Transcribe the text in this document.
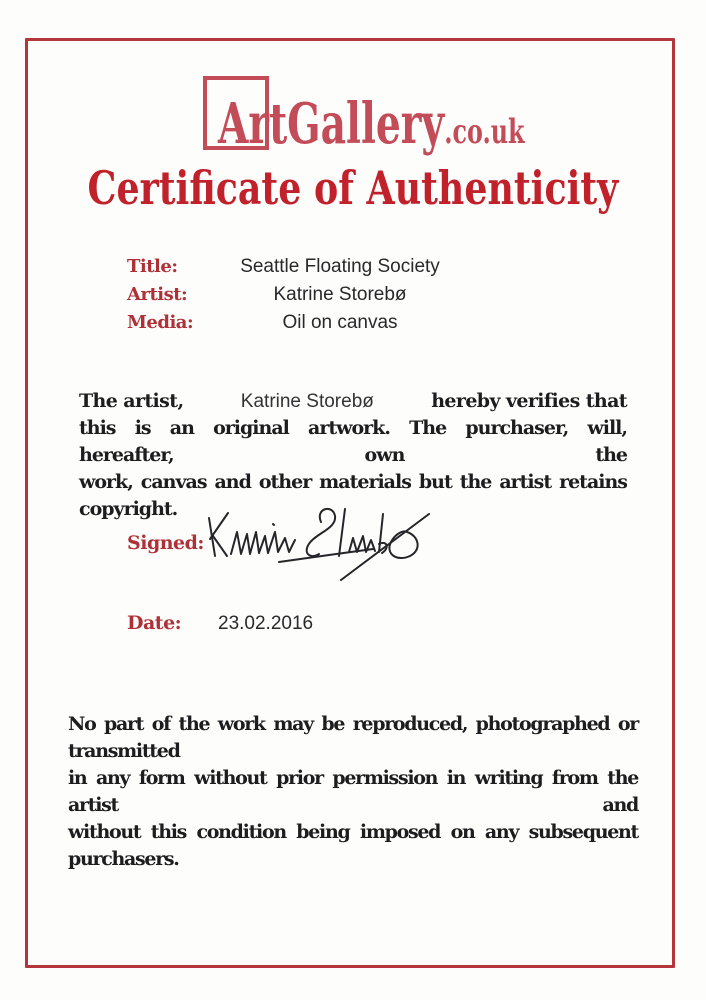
ArtGallery.co.uk
Certificate of Authenticity
Title:	Seattle Floating Society
Artist:	Katrine Storebø
Media:	Oil on canvas
The artist,	Katrine Storebø	hereby verifies that
this is an original artwork. The purchaser, will, hereafter, own the
work, canvas and other materials but the artist retains copyright.
Signed:
Date: 23.02.2016
No part of the work may be reproduced, photographed or transmitted
in any form without prior permission in writing from the artist and
without this condition being imposed on any subsequent purchasers.
